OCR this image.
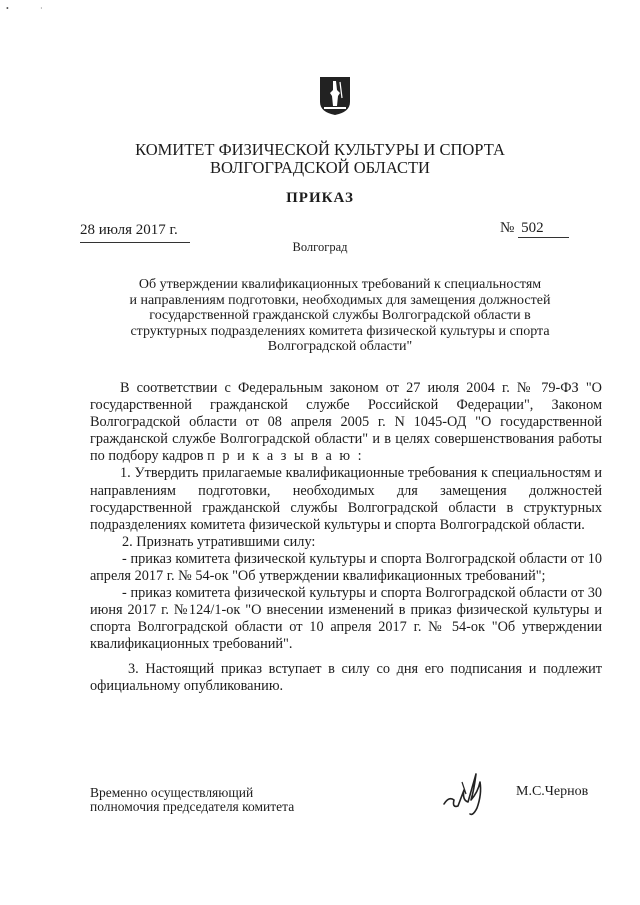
•	·
КОМИТЕТ ФИЗИЧЕСКОЙ КУЛЬТУРЫ И СПОРТА
ВОЛГОГРАДСКОЙ ОБЛАСТИ
ПРИКАЗ
28 июля 2017 г.	№ 502
Волгоград
Об утверждении квалификационных требований к специальностям
и направлениям подготовки, необходимых для замещения должностей
государственной гражданской службы Волгоградской области в
структурных подразделениях комитета физической культуры и спорта
Волгоградской области"

В соответствии с Федеральным законом от 27 июля 2004 г. № 79-ФЗ "О государственной гражданской службе Российской Федерации", Законом Волгоградской области от 08 апреля 2005 г. N 1045-ОД "О государственной гражданской службе Волгоградской области" и в целях совершенствования работы по подбору кадров п р и к а з ы в а ю :

1. Утвердить прилагаемые квалификационные требования к специальностям и направлениям подготовки, необходимых для замещения должностей государственной гражданской службы Волгоградской области в структурных подразделениях комитета физической культуры и спорта Волгоградской области.

2. Признать утратившими силу:

- приказ комитета физической культуры и спорта Волгоградской области от 10 апреля 2017 г. № 54-ок "Об утверждении квалификационных требований";

- приказ комитета физической культуры и спорта Волгоградской области от 30 июня 2017 г. №124/1-ок "О внесении изменений в приказ физической культуры и спорта Волгоградской области от 10 апреля 2017 г. № 54-ок "Об утверждении квалификационных требований".

3. Настоящий приказ вступает в силу со дня его подписания и подлежит официальному опубликованию.

Временно осуществляющий
полномочия председателя комитета
М.С.Чернов
